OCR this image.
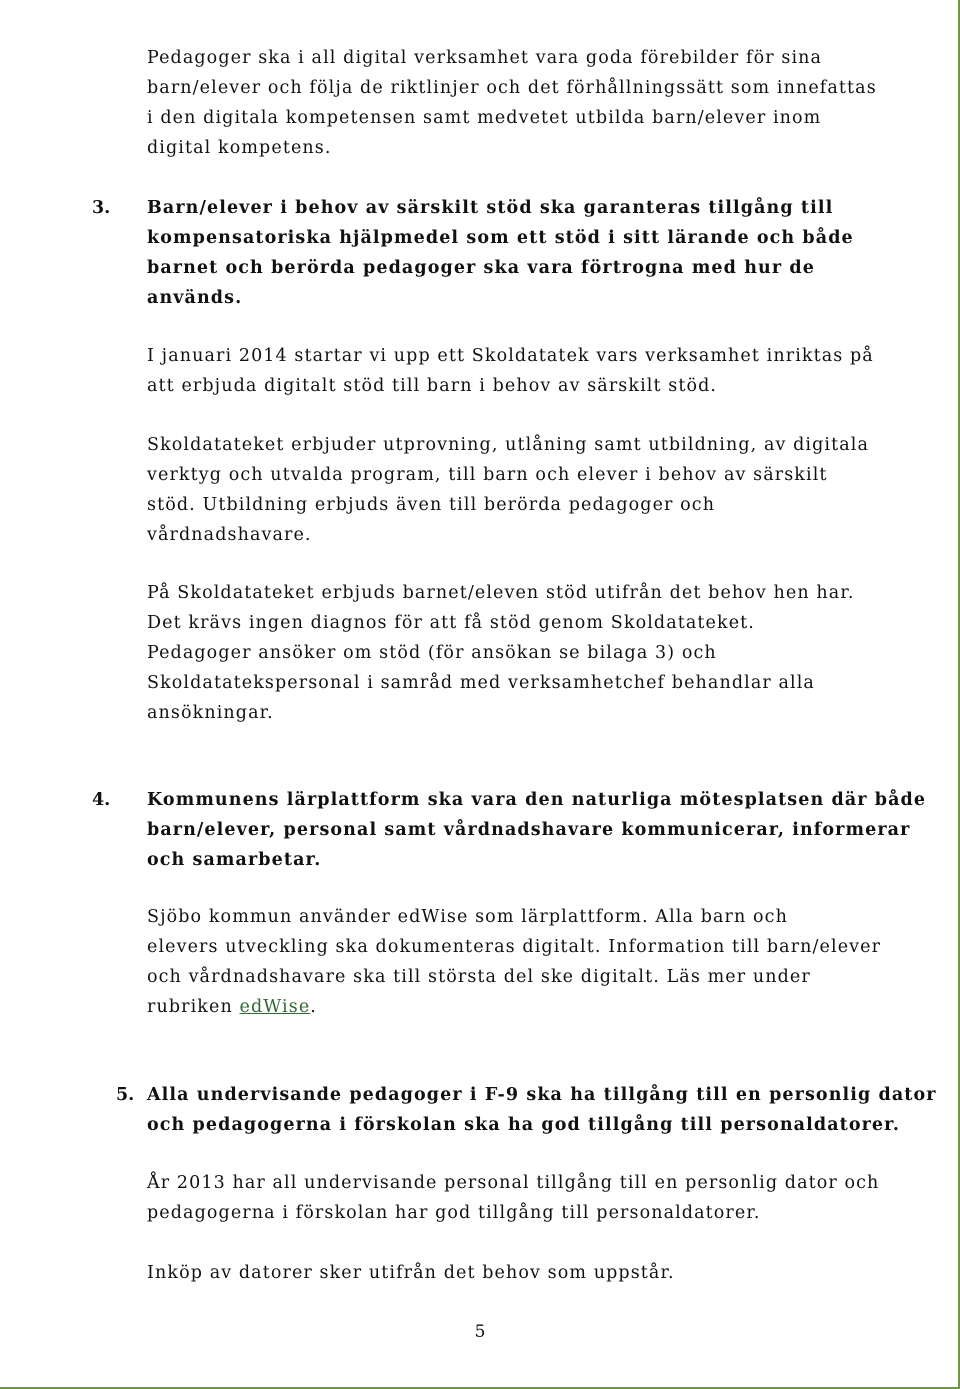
Pedagoger ska i all digital verksamhet vara goda förebilder för sina
barn/elever och följa de riktlinjer och det förhållningssätt som innefattas
i den digitala kompetensen samt medvetet utbilda barn/elever inom
digital kompetens.
3. Barn/elever i behov av särskilt stöd ska garanteras tillgång till
kompensatoriska hjälpmedel som ett stöd i sitt lärande och både
barnet och berörda pedagoger ska vara förtrogna med hur de
används.
I januari 2014 startar vi upp ett Skoldatatek vars verksamhet inriktas på
att erbjuda digitalt stöd till barn i behov av särskilt stöd.
Skoldatateket erbjuder utprovning, utlåning samt utbildning, av digitala
verktyg och utvalda program, till barn och elever i behov av särskilt
stöd. Utbildning erbjuds även till berörda pedagoger och
vårdnadshavare.
På Skoldatateket erbjuds barnet/eleven stöd utifrån det behov hen har.
Det krävs ingen diagnos för att få stöd genom Skoldatateket.
Pedagoger ansöker om stöd (för ansökan se bilaga 3) och
Skoldatatekspersonal i samråd med verksamhetchef behandlar alla
ansökningar.
4. Kommunens lärplattform ska vara den naturliga mötesplatsen där både
barn/elever, personal samt vårdnadshavare kommunicerar, informerar
och samarbetar.
Sjöbo kommun använder edWise som lärplattform. Alla barn och
elevers utveckling ska dokumenteras digitalt. Information till barn/elever
och vårdnadshavare ska till största del ske digitalt. Läs mer under
rubriken edWise.
5. Alla undervisande pedagoger i F-9 ska ha tillgång till en personlig dator
och pedagogerna i förskolan ska ha god tillgång till personaldatorer.
År 2013 har all undervisande personal tillgång till en personlig dator och
pedagogerna i förskolan har god tillgång till personaldatorer.
Inköp av datorer sker utifrån det behov som uppstår.
5
